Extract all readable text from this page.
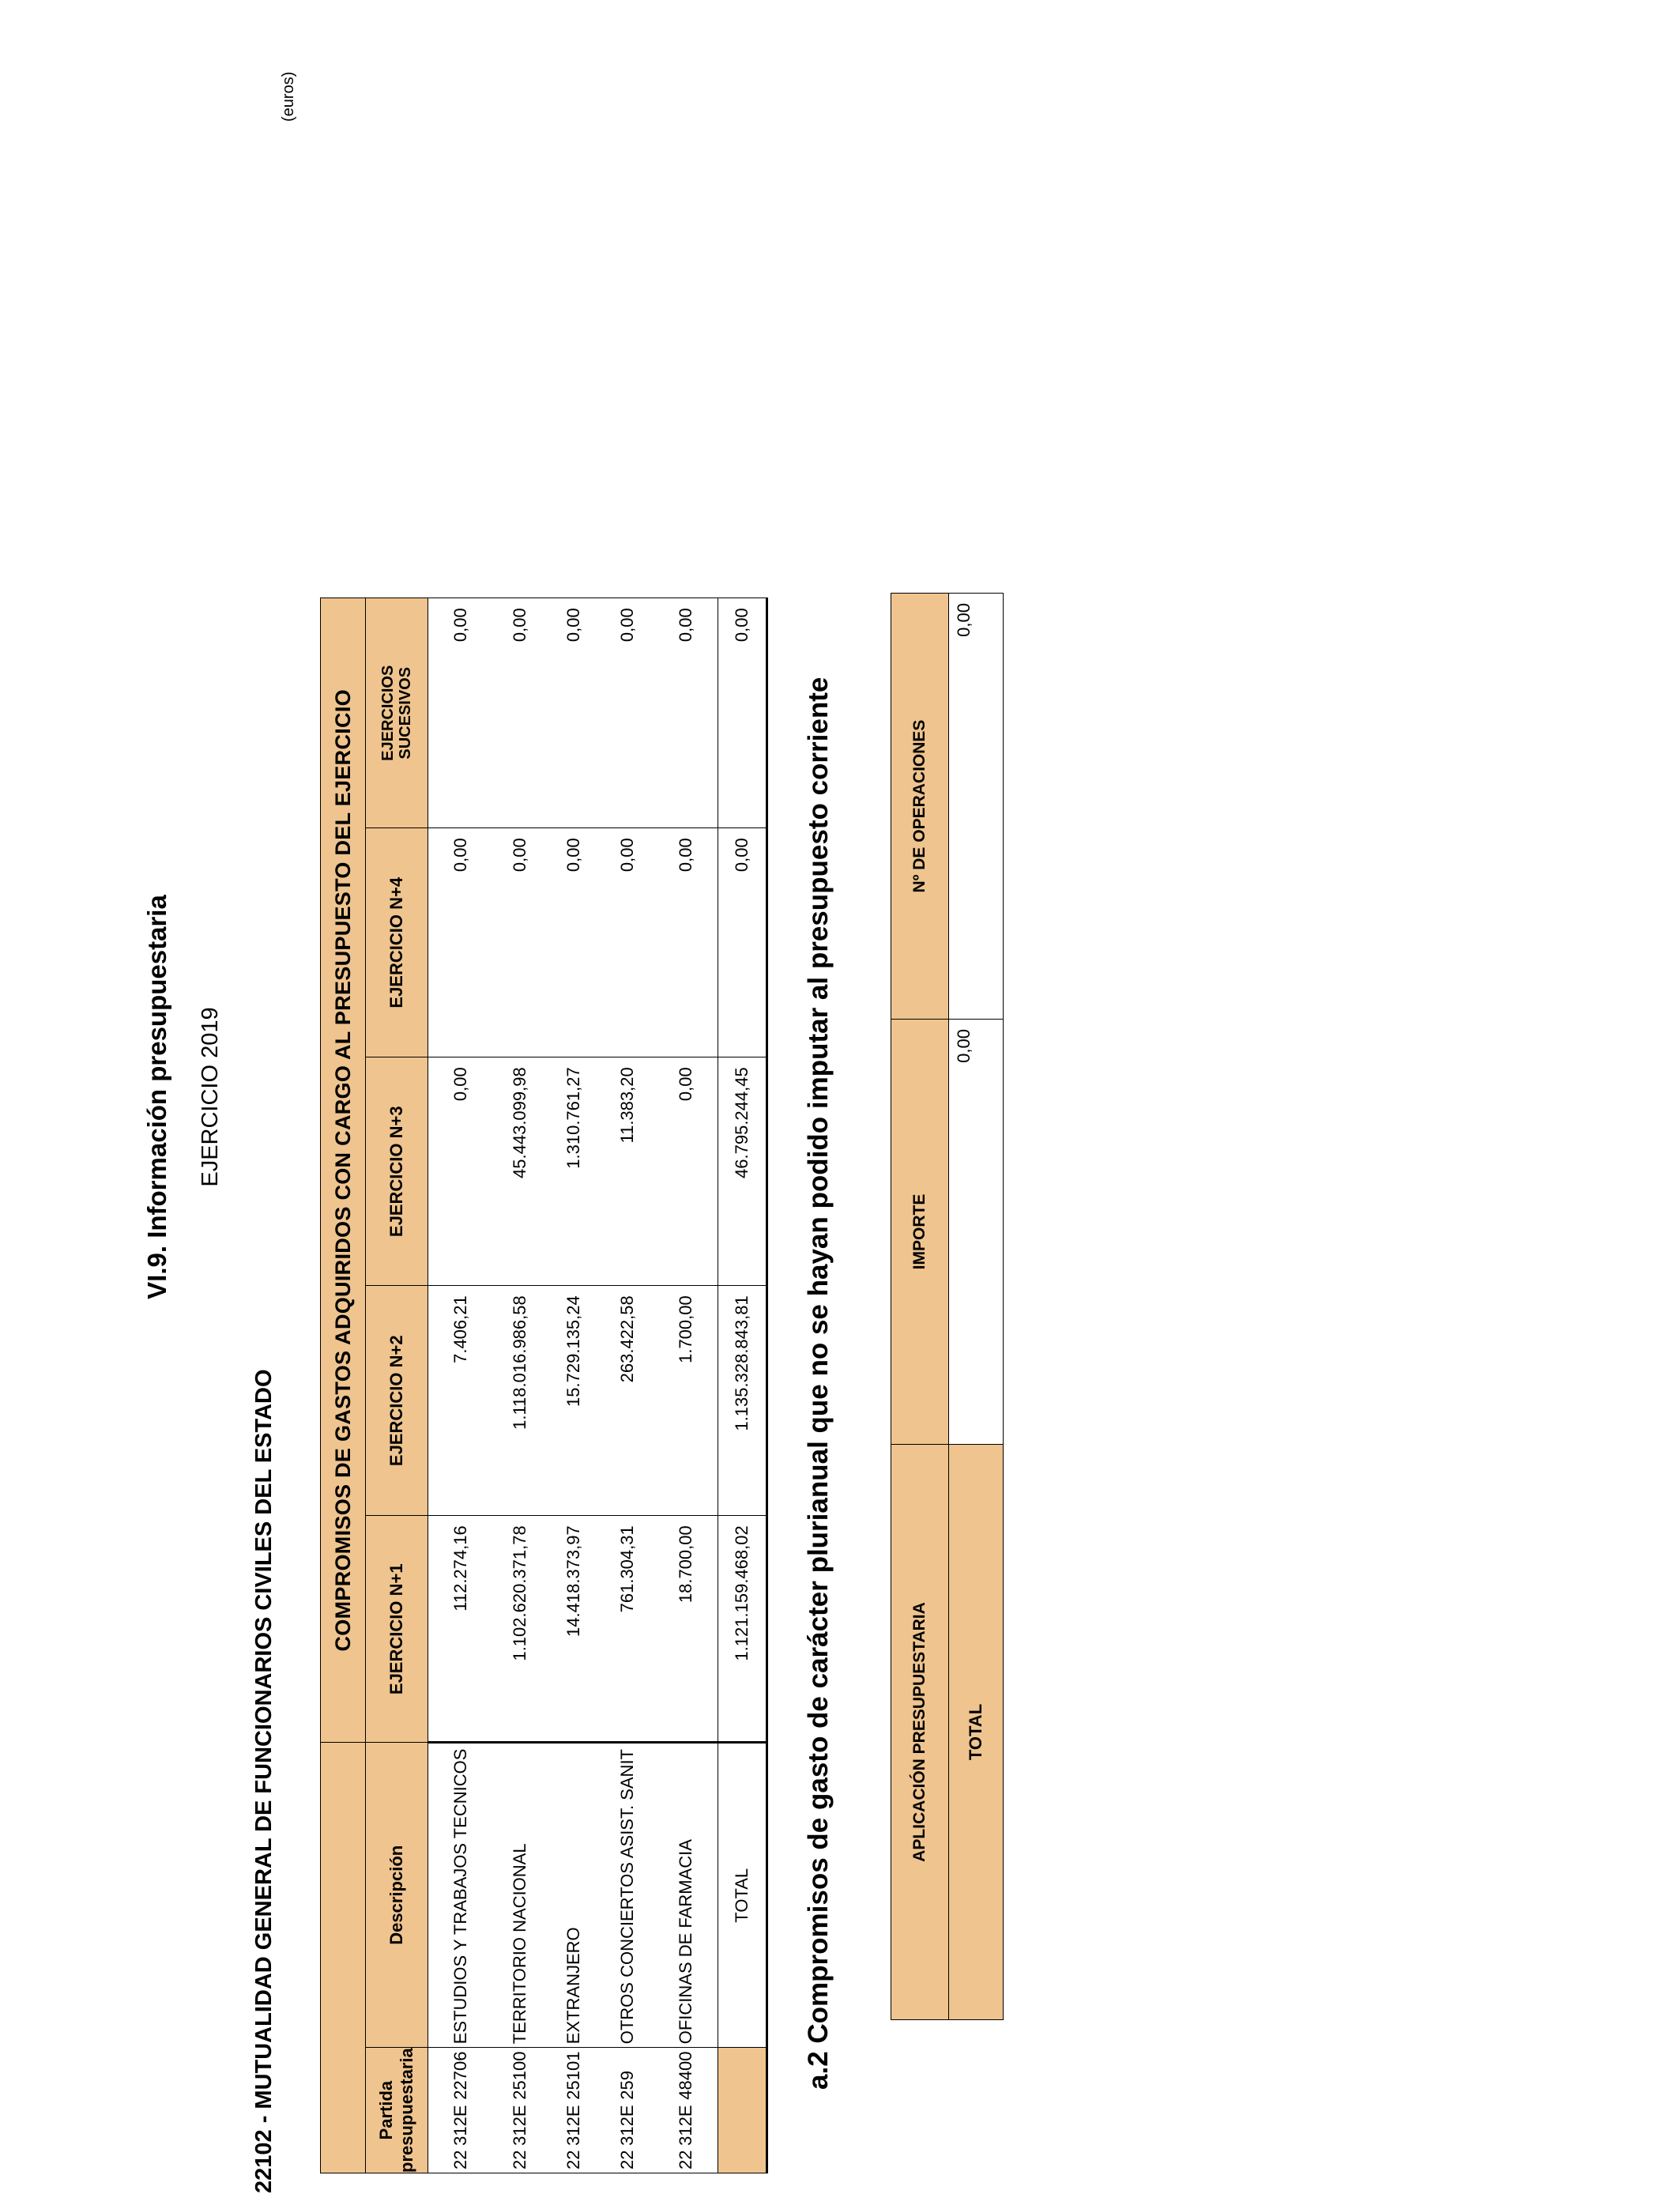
VI.9. Información presupuestaria EJERCICIO 2019
22102 - MUTUALIDAD GENERAL DE FUNCIONARIOS CIVILES DEL ESTADO
(euros)
		COMPROMISOS DE GASTOS ADQUIRIDOS CON CARGO AL PRESUPUESTO DEL EJERCICIO				
Partida presupuestaria	Descripción	EJERCICIO N+1	EJERCICIO N+2	EJERCICIO N+3	EJERCICIO N+4	EJERCICIOS SUCESIVOS
22 312E 22706	ESTUDIOS Y TRABAJOS TECNICOS	112.274,16	7.406,21	0,00	0,00	0,00
22 312E 25100	TERRITORIO NACIONAL	1.102.620.371,78	1.118.016.986,58	45.443.099,98	0,00	0,00
22 312E 25101	EXTRANJERO	14.418.373,97	15.729.135,24	1.310.761,27	0,00	0,00
22 312E 259	OTROS CONCIERTOS ASIST. SANIT	761.304,31	263.422,58	11.383,20	0,00	0,00
22 312E 48400	OFICINAS DE FARMACIA	18.700,00	1.700,00	0,00	0,00	0,00
	TOTAL	1.121.159.468,02	1.135.328.843,81	46.795.244,45	0,00	0,00
a.2 Compromisos de gasto de carácter plurianual que no se hayan podido imputar al presupuesto corriente	APLICACIÓN PRESUPUESTARIA	IMPORTE	Nº DE OPERACIONES
TOTAL	0,00	0,00
